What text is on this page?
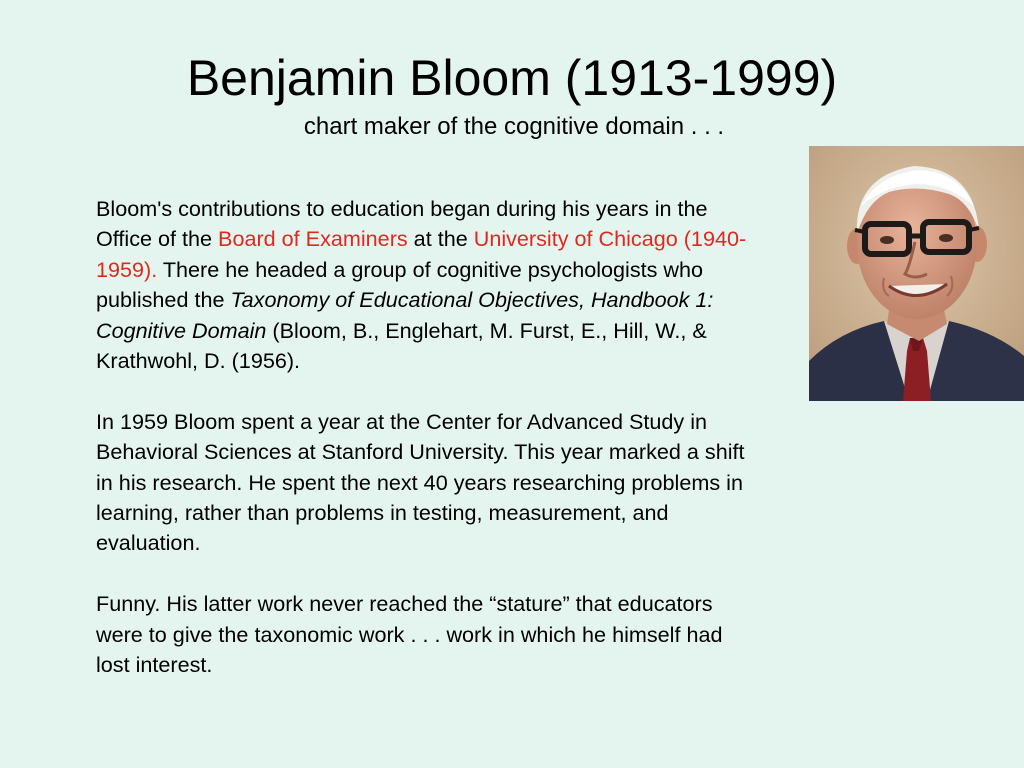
Benjamin Bloom (1913-1999)
chart maker of the cognitive domain . . .

Bloom's contributions to education began during his years in the Office of the Board of Examiners at the University of Chicago (1940-1959). There he headed a group of cognitive psychologists who published the Taxonomy of Educational Objectives, Handbook 1: Cognitive Domain (Bloom, B., Englehart, M. Furst, E., Hill, W., & Krathwohl, D. (1956).

In 1959 Bloom spent a year at the Center for Advanced Study in Behavioral Sciences at Stanford University. This year marked a shift in his research. He spent the next 40 years researching problems in learning, rather than problems in testing, measurement, and evaluation.

Funny. His latter work never reached the “stature” that educators were to give the taxonomic work . . . work in which he himself had lost interest.
